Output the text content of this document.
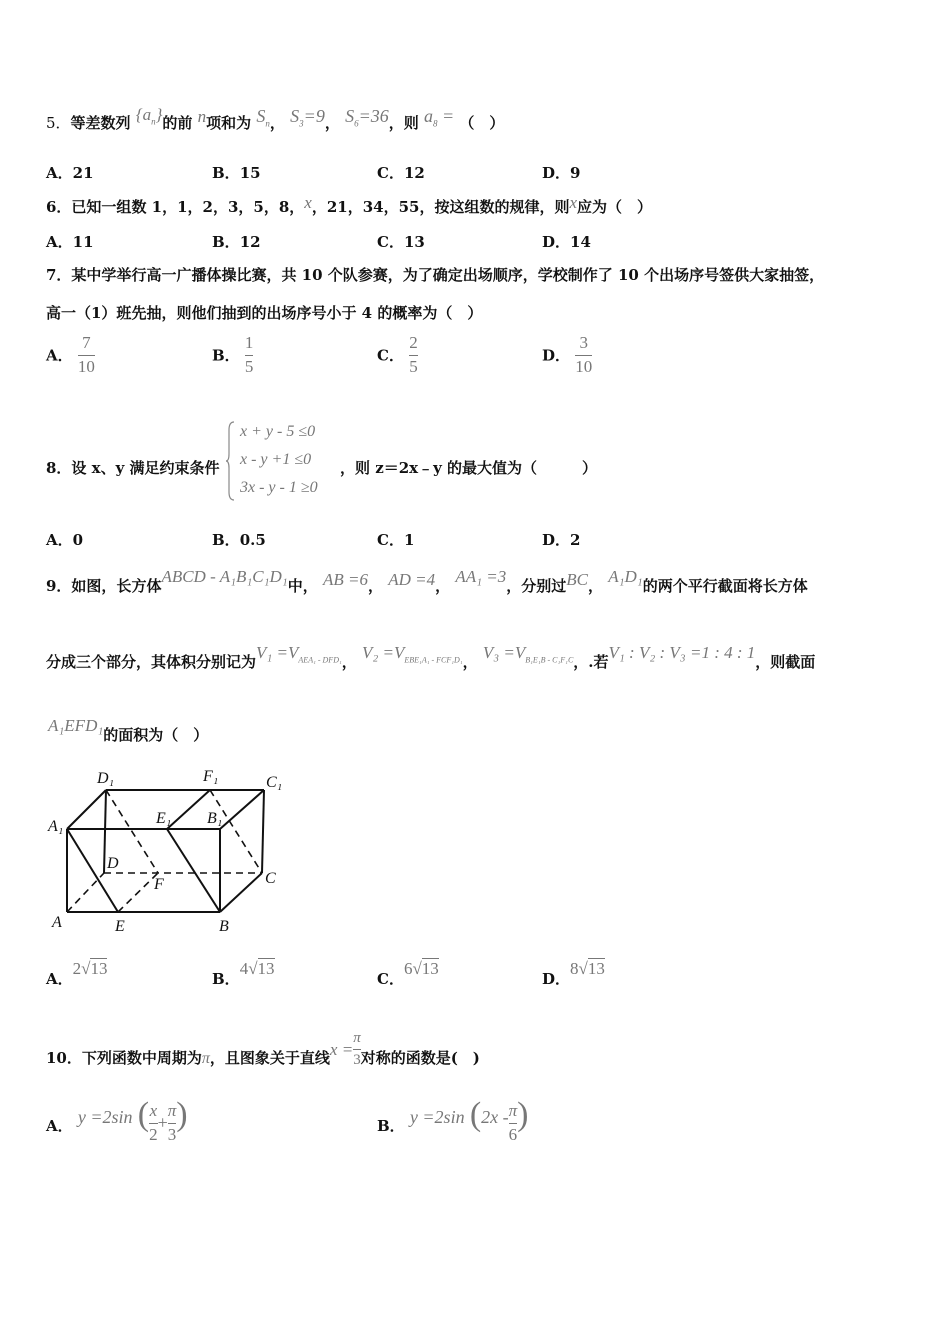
5．等差数列 $\{a_n\}$的前 n项和为 $S_n$， $S_3=9$， $S_6=36$，则 $a_8$ = （　）
A．21	B．15	C．12	D．9
6．已知一组数 1，1，2，3，5，8，x，21，34，55，按这组数的规律，则x应为（　）
A．11	B．12	C．13	D．14
7．某中学举行高一广播体操比赛，共 10 个队参赛，为了确定出场顺序，学校制作了 10 个出场序号签供大家抽签，
高一（1）班先抽，则他们抽到的出场序号小于 4 的概率为（　）
A． $\frac{7}{10}$	B． $\frac{1}{5}$	C． $\frac{2}{5}$	D． $\frac{3}{10}$
8．设 x、y 满足约束条件
x + y - 5 ≤0
x - y +1 ≤0
3x - y - 1 ≥0
，则 z＝2x﹣y 的最大值为（　　　）
A．0	B．0.5	C．1	D．2
9．如图，长方体ABCD - A₁B₁C₁D₁中， AB =6， AD =4， AA₁ =3，分别过BC， A₁D₁的两个平行截面将长方体
分成三个部分，其体积分别记为$V_1 =V_{AEA_1 - DFD_1}$， $V_2 =V_{EBE_1A_1 - FCF_1D_1}$， $V_3 =V_{B_1E_1B - C_1F_1C}$，.若V₁ : V₂ : V₃ =1 : 4 : 1，则截面
A₁EFD₁的面积为（　）
D₁	F₁	C₁
A₁	E₁ B₁
D
F	C
A	E	B
A．2√13
B．4√13
C．6√13
D．8√13
10．下列函数中周期为π，且图象关于直线$x = \frac{\pi}{3}$ 对称的函数是(　)
A． y =2sin ( $\frac{x}{2} + \frac{\pi}{3}$ )	B． y =2sin ($2x - \frac{\pi}{6}$ )
